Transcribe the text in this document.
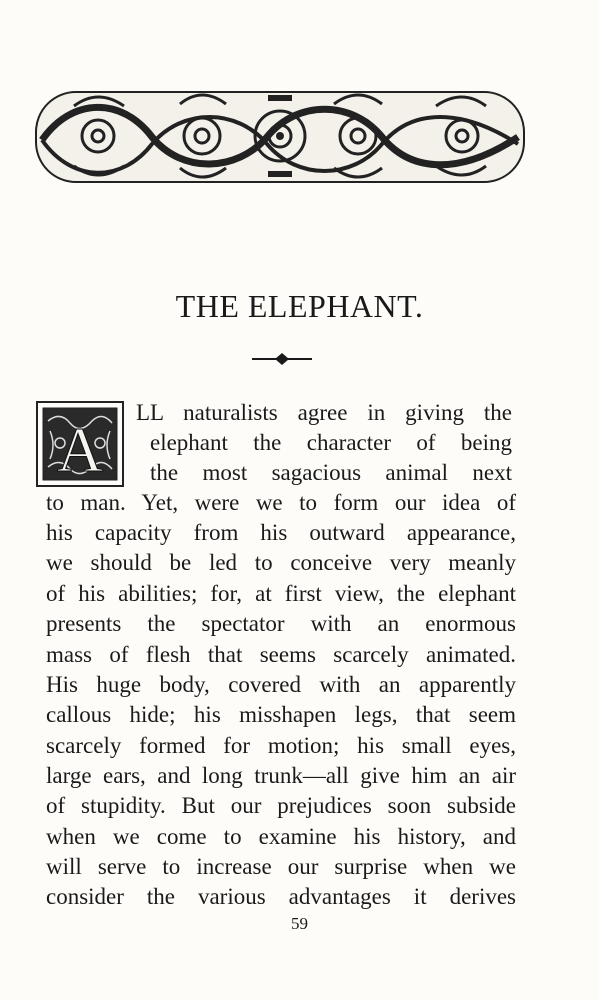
THE ELEPHANT.
A
LL naturalists agree in giving the
elephant the character of being
the most sagacious animal next
to man. Yet, were we to form our idea of
his capacity from his outward appearance,
we should be led to conceive very meanly
of his abilities; for, at first view, the elephant
presents the spectator with an enormous
mass of flesh that seems scarcely animated.
His huge body, covered with an apparently
callous hide; his misshapen legs, that seem
scarcely formed for motion; his small eyes,
large ears, and long trunk—all give him an air
of stupidity. But our prejudices soon subside
when we come to examine his history, and
will serve to increase our surprise when we
consider the various advantages it derives
59
